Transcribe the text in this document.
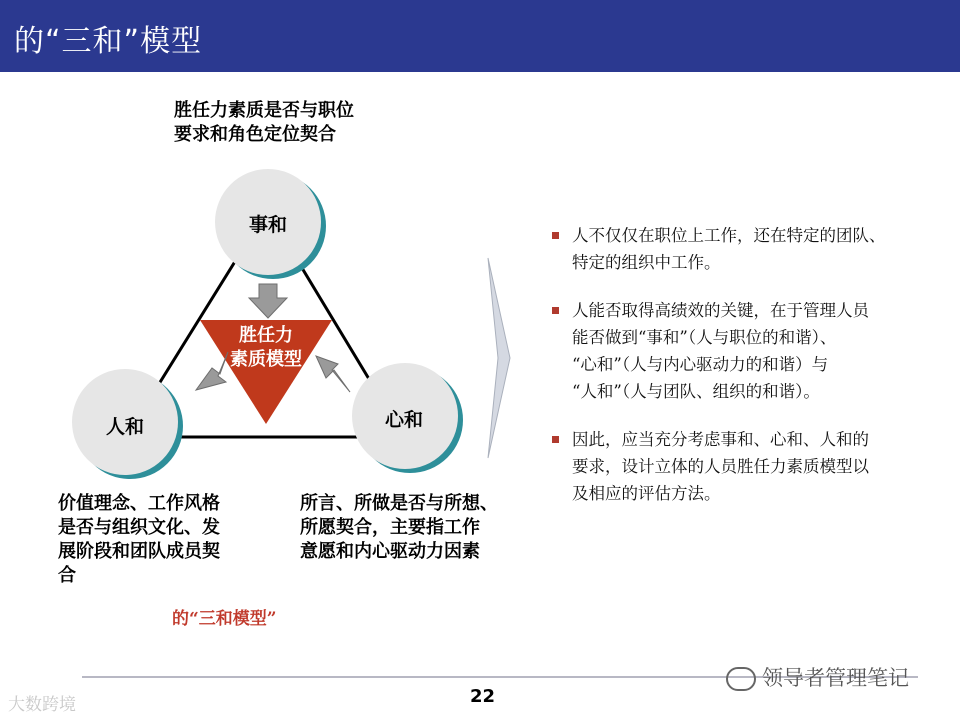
的“三和”模型
事和
人和	心和
胜任力
素质模型
胜任力素质是否与职位
要求和角色定位契合
价值理念、工作风格
是否与组织文化、发
展阶段和团队成员契
合
所言、所做是否与所想、
所愿契合，主要指工作
意愿和内心驱动力因素
的“三和模型”
人不仅仅在职位上工作，还在特定的团队、
特定的组织中工作。
人能否取得高绩效的关键，在于管理人员
能否做到“事和”（人与职位的和谐）、
“心和”（人与内心驱动力的和谐）与
“人和”（人与团队、组织的和谐）。
因此，应当充分考虑事和、心和、人和的
要求，设计立体的人员胜任力素质模型以
及相应的评估方法。
22
大数跨境
领导者管理笔记
